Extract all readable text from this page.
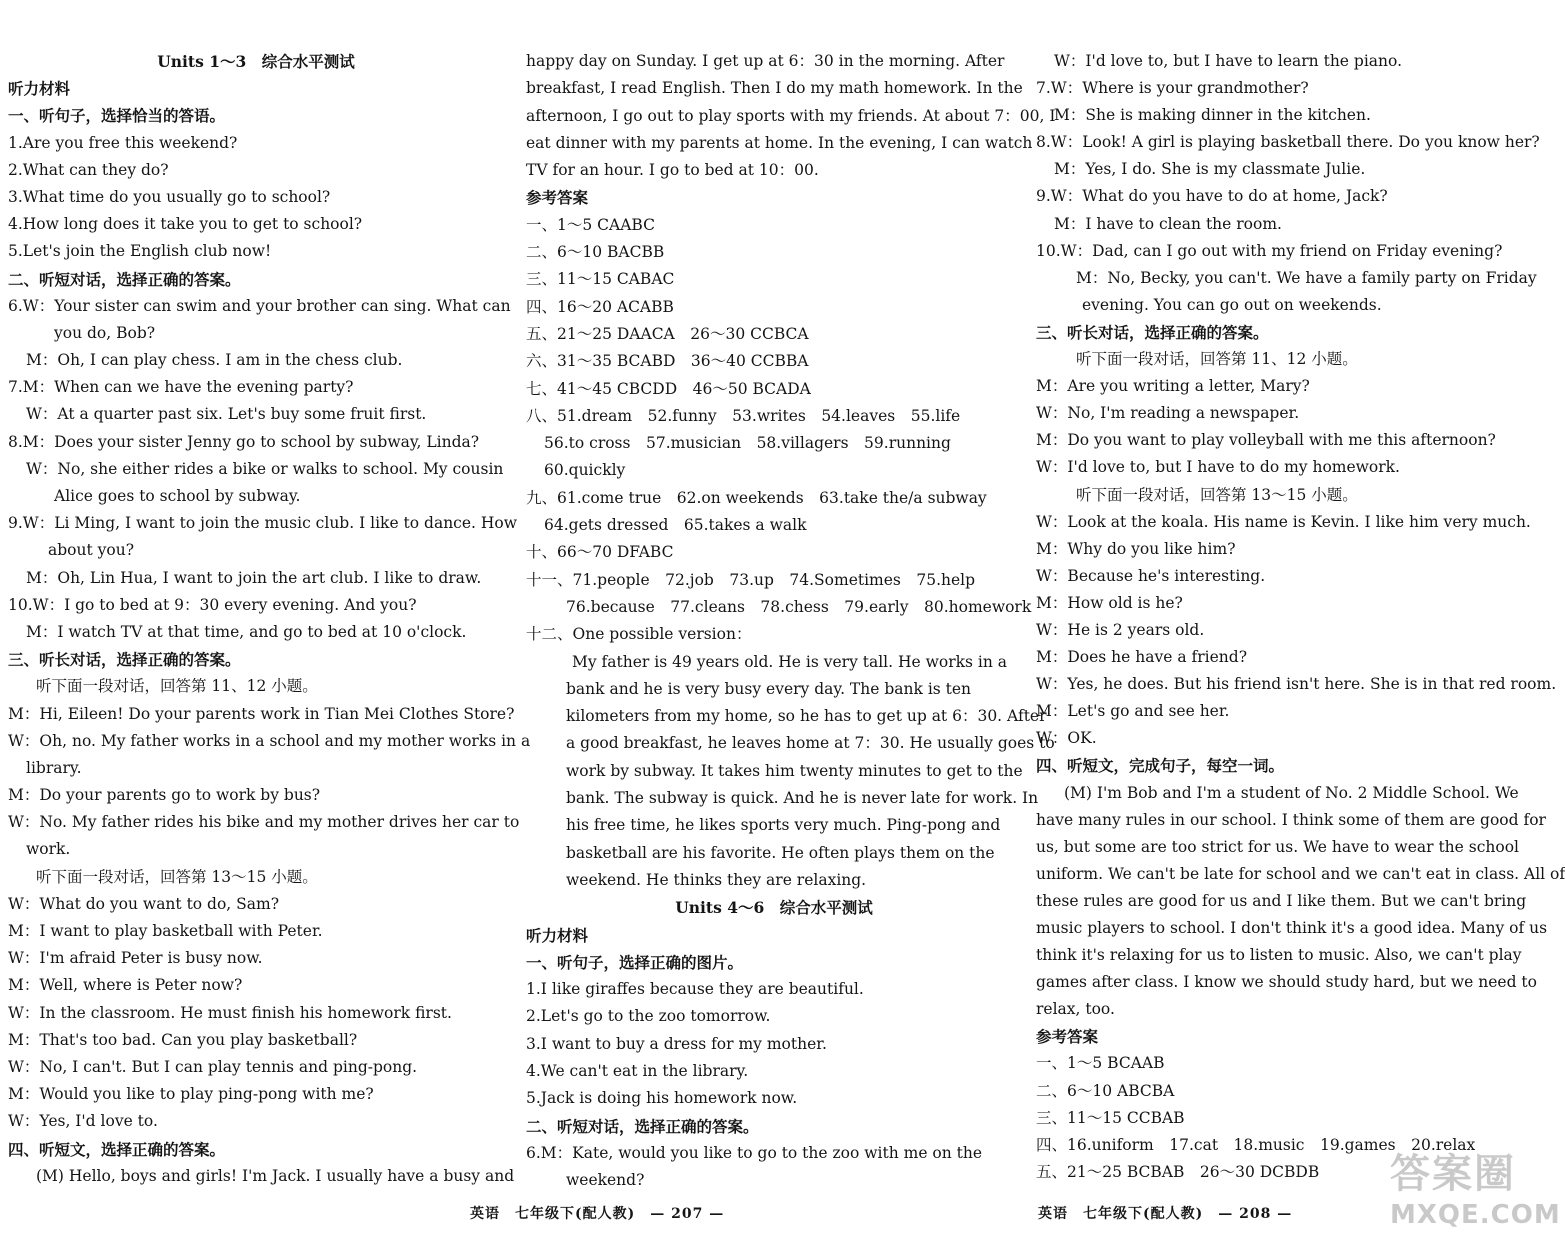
Units 1～3　综合水平测试
听力材料
一、听句子，选择恰当的答语。
1.Are you free this weekend?
2.What can they do?
3.What time do you usually go to school?
4.How long does it take you to get to school?
5.Let's join the English club now!
二、听短对话，选择正确的答案。
6.W：Your sister can swim and your brother can sing. What can
you do, Bob?
M：Oh, I can play chess. I am in the chess club.
7.M：When can we have the evening party?
W：At a quarter past six. Let's buy some fruit first.
8.M：Does your sister Jenny go to school by subway, Linda?
W：No, she either rides a bike or walks to school. My cousin
Alice goes to school by subway.
9.W：Li Ming, I want to join the music club. I like to dance. How
about you?
M：Oh, Lin Hua, I want to join the art club. I like to draw.
10.W：I go to bed at 9：30 every evening. And you?
M：I watch TV at that time, and go to bed at 10 o'clock.
三、听长对话，选择正确的答案。
听下面一段对话，回答第 11、12 小题。
M：Hi, Eileen! Do your parents work in Tian Mei Clothes Store?
W：Oh, no. My father works in a school and my mother works in a
library.
M：Do your parents go to work by bus?
W：No. My father rides his bike and my mother drives her car to
work.
听下面一段对话，回答第 13～15 小题。
W：What do you want to do, Sam?
M：I want to play basketball with Peter.
W：I'm afraid Peter is busy now.
M：Well, where is Peter now?
W：In the classroom. He must finish his homework first.
M：That's too bad. Can you play basketball?
W：No, I can't. But I can play tennis and ping-pong.
M：Would you like to play ping-pong with me?
W：Yes, I'd love to.
四、听短文，选择正确的答案。
(M) Hello, boys and girls! I'm Jack. I usually have a busy and
happy day on Sunday. I get up at 6：30 in the morning. After
breakfast, I read English. Then I do my math homework. In the
afternoon, I go out to play sports with my friends. At about 7：00, I
eat dinner with my parents at home. In the evening, I can watch
TV for an hour. I go to bed at 10：00.
参考答案
一、1～5 CAABC
二、6～10 BACBB
三、11～15 CABAC
四、16～20 ACABB
五、21～25 DAACA　26～30 CCBCA
六、31～35 BCABD　36～40 CCBBA
七、41～45 CBCDD　46～50 BCADA
八、51.dream　52.funny　53.writes　54.leaves　55.life
56.to cross　57.musician　58.villagers　59.running
60.quickly
九、61.come true　62.on weekends　63.take the/a subway
64.gets dressed　65.takes a walk
十、66～70 DFABC
十一、71.people　72.job　73.up　74.Sometimes　75.help
76.because　77.cleans　78.chess　79.early　80.homework
十二、One possible version：
My father is 49 years old. He is very tall. He works in a
bank and he is very busy every day. The bank is ten
kilometers from my home, so he has to get up at 6：30. After
a good breakfast, he leaves home at 7：30. He usually goes to
work by subway. It takes him twenty minutes to get to the
bank. The subway is quick. And he is never late for work. In
his free time, he likes sports very much. Ping-pong and
basketball are his favorite. He often plays them on the
weekend. He thinks they are relaxing.
Units 4～6　综合水平测试
听力材料
一、听句子，选择正确的图片。
1.I like giraffes because they are beautiful.
2.Let's go to the zoo tomorrow.
3.I want to buy a dress for my mother.
4.We can't eat in the library.
5.Jack is doing his homework now.
二、听短对话，选择正确的答案。
6.M：Kate, would you like to go to the zoo with me on the
weekend?
W：I'd love to, but I have to learn the piano.
7.W：Where is your grandmother?
M：She is making dinner in the kitchen.
8.W：Look! A girl is playing basketball there. Do you know her?
M：Yes, I do. She is my classmate Julie.
9.W：What do you have to do at home, Jack?
M：I have to clean the room.
10.W：Dad, can I go out with my friend on Friday evening?
M：No, Becky, you can't. We have a family party on Friday
evening. You can go out on weekends.
三、听长对话，选择正确的答案。
听下面一段对话，回答第 11、12 小题。
M：Are you writing a letter, Mary?
W：No, I'm reading a newspaper.
M：Do you want to play volleyball with me this afternoon?
W：I'd love to, but I have to do my homework.
听下面一段对话，回答第 13～15 小题。
W：Look at the koala. His name is Kevin. I like him very much.
M：Why do you like him?
W：Because he's interesting.
M：How old is he?
W：He is 2 years old.
M：Does he have a friend?
W：Yes, he does. But his friend isn't here. She is in that red room.
M：Let's go and see her.
W：OK.
四、听短文，完成句子，每空一词。
(M) I'm Bob and I'm a student of No. 2 Middle School. We
have many rules in our school. I think some of them are good for
us, but some are too strict for us. We have to wear the school
uniform. We can't be late for school and we can't eat in class. All of
these rules are good for us and I like them. But we can't bring
music players to school. I don't think it's a good idea. Many of us
think it's relaxing for us to listen to music. Also, we can't play
games after class. I know we should study hard, but we need to
relax, too.
参考答案
一、1～5 BCAAB
二、6～10 ABCBA
三、11～15 CCBAB
四、16.uniform　17.cat　18.music　19.games　20.relax
五、21～25 BCBAB　26～30 DCBDB
英语　七年级下(配人教)　— 207 —	英语　七年级下(配人教)　— 208 —
答案圈
MXQE.COM
